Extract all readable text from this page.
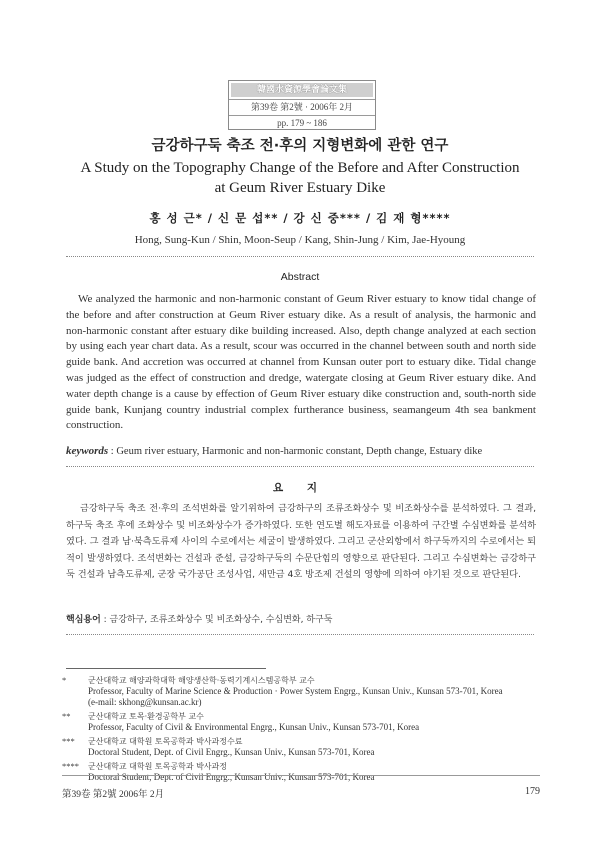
韓國水資源學會論文集
第39卷 第2號 · 2006年 2月
pp. 179 ~ 186
금강하구둑 축조 전·후의 지형변화에 관한 연구
A Study on the Topography Change of the Before and After Construction
at Geum River Estuary Dike
홍 성 근* / 신 문 섭** / 강 신 중*** / 김 재 형****
Hong, Sung-Kun / Shin, Moon-Seup / Kang, Shin-Jung / Kim, Jae-Hyoung
Abstract
We analyzed the harmonic and non-harmonic constant of Geum River estuary to know tidal change of the before and after construction at Geum River estuary dike. As a result of analysis, the harmonic and non-harmonic constant after estuary dike building increased. Also, depth change analyzed at each section by using each year chart data. As a result, scour was occurred in the channel between south and north side guide bank. And accretion was occurred at channel from Kunsan outer port to estuary dike. Tidal change was judged as the effect of construction and dredge, watergate closing at Geum River estuary dike. And water depth change is a cause by effection of Geum River estuary dike construction and, south-north side guide bank, Kunjang country industrial complex furtherance business, seamangeum 4th sea bankment construction.
keywords : Geum river estuary, Harmonic and non-harmonic constant, Depth change, Estuary dike
요 지
금강하구둑 축조 전·후의 조석변화를 알기위하여 금강하구의 조류조화상수 및 비조화상수를 분석하였다. 그 결과, 하구둑 축조 후에 조화상수 및 비조화상수가 증가하였다. 또한 연도별 해도자료를 이용하여 구간별 수심변화를 분석하였다. 그 결과 남·북측도류제 사이의 수로에서는 세굴이 발생하였다. 그리고 군산외항에서 하구둑까지의 수로에서는 퇴적이 발생하였다. 조석변화는 건설과 준설, 금강하구둑의 수문단힘의 영향으로 판단된다. 그리고 수심변화는 금강하구둑 건설과 남측도류제, 군장 국가공단 조성사업, 새만금 4호 방조제 건설의 영향에 의하여 야기된 것으로 판단된다.
핵심용어 : 금강하구, 조류조화상수 및 비조화상수, 수심변화, 하구둑
*	군산대학교 해양과학대학 해양생산학·동력기계시스템공학부 교수
Professor, Faculty of Marine Science & Production · Power System Engrg., Kunsan Univ., Kunsan 573-701, Korea
(e-mail: skhong@kunsan.ac.kr)
**	군산대학교 토목·환경공학부 교수
Professor, Faculty of Civil & Environmental Engrg., Kunsan Univ., Kunsan 573-701, Korea
***	군산대학교 대학원 토목공학과 박사과정수료
Doctoral Student, Dept. of Civil Engrg., Kunsan Univ., Kunsan 573-701, Korea
****	군산대학교 대학원 토목공학과 박사과정
Doctoral Student, Dept. of Civil Engrg., Kunsan Univ., Kunsan 573-701, Korea
第39卷 第2號 2006年 2月	179
